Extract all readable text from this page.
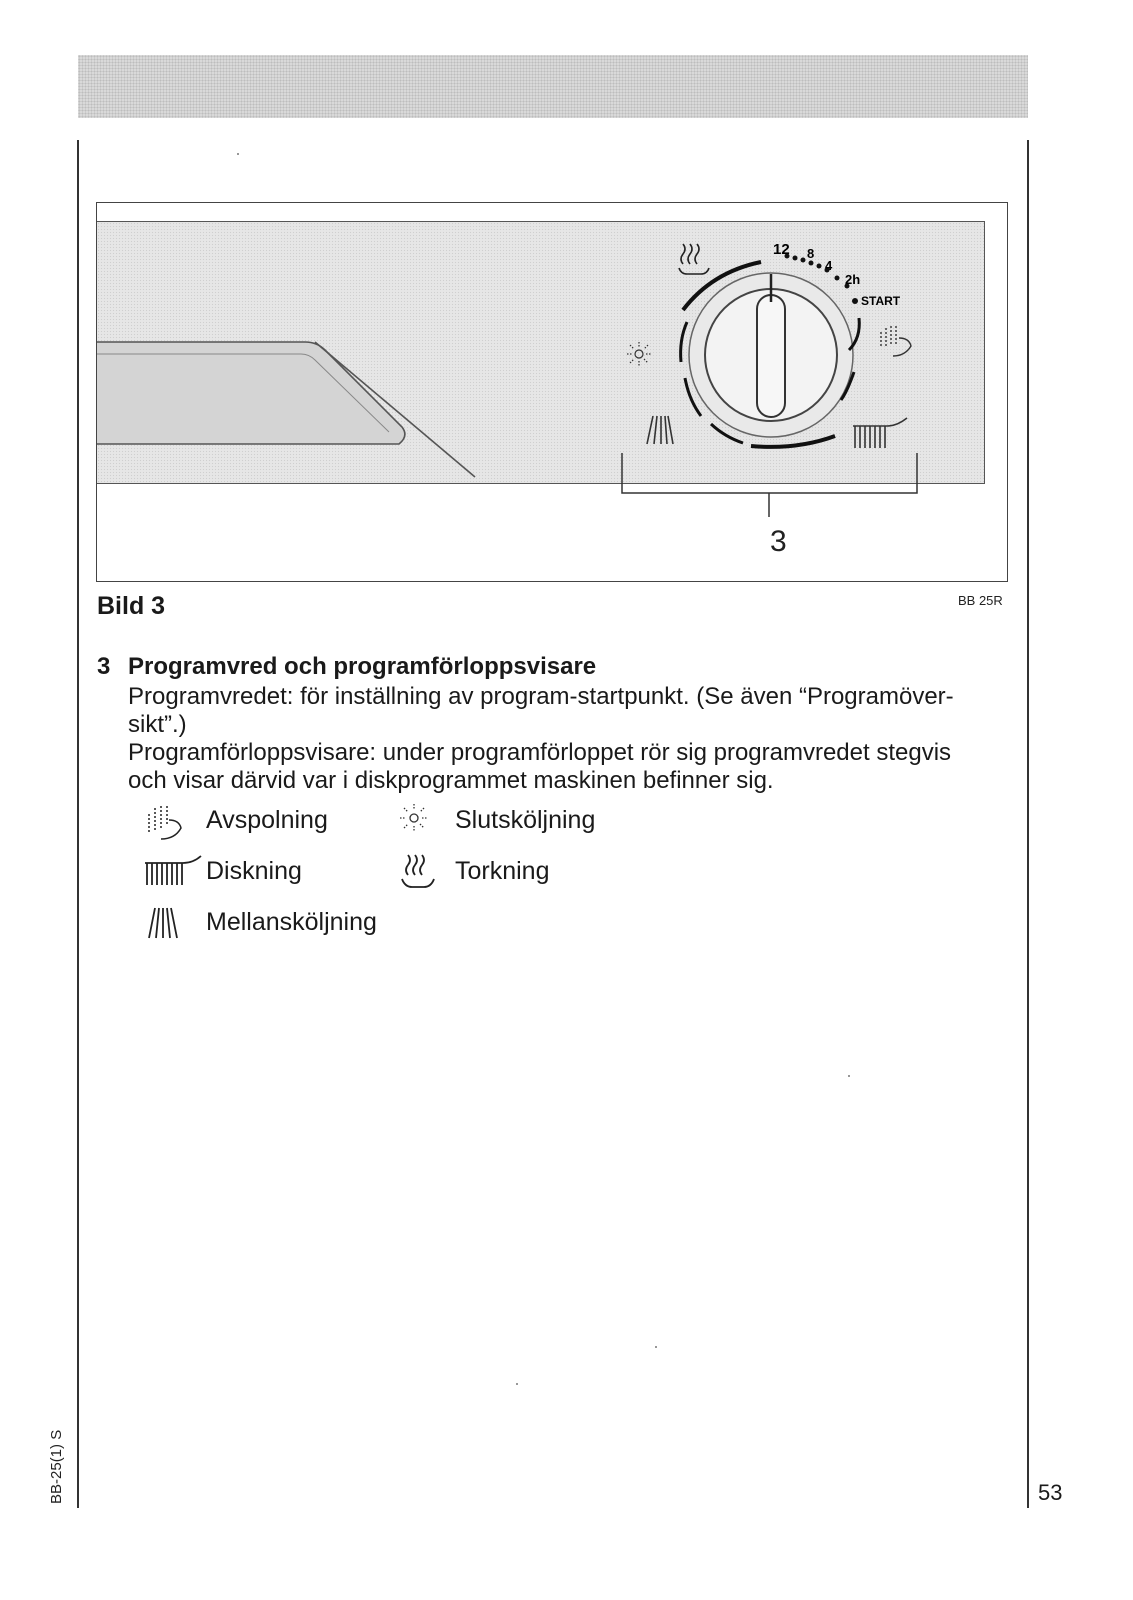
12 8
4
2h
START
3
Bild 3	BB 25R
3 Programvred och programförloppsvisare
Programvredet: för inställning av program-startpunkt. (Se även “Programöver-
sikt”.)
Programförloppsvisare: under programförloppet rör sig programvredet stegvis
och visar därvid var i diskprogrammet maskinen befinner sig.
Avspolning	Slutsköljning
Diskning	Torkning
Mellansköljning
BB-25(1) S	53
